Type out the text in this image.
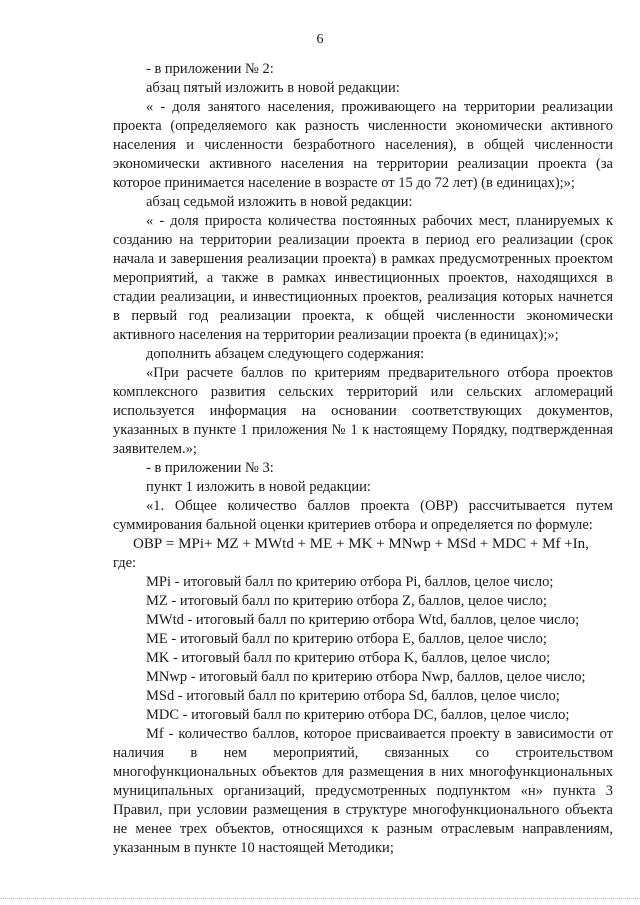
6

- в приложении № 2:

абзац пятый изложить в новой редакции:

« - доля занятого населения, проживающего на территории реализации проекта (определяемого как разность численности экономически активного населения и численности безработного населения), в общей численности экономически активного населения на территории реализации проекта (за которое принимается население в возрасте от 15 до 72 лет) (в единицах);»;

абзац седьмой изложить в новой редакции:

« - доля прироста количества постоянных рабочих мест, планируемых к созданию на территории реализации проекта в период его реализации (срок начала и завершения реализации проекта) в рамках предусмотренных проектом мероприятий, а также в рамках инвестиционных проектов, находящихся в стадии реализации, и инвестиционных проектов, реализация которых начнется в первый год реализации проекта, к общей численности экономически активного населения на территории реализации проекта (в единицах);»;

дополнить абзацем следующего содержания:

«При расчете баллов по критериям предварительного отбора проектов комплексного развития сельских территорий или сельских агломераций используется информация на основании соответствующих документов, указанных в пункте 1 приложения № 1 к настоящему Порядку, подтвержденная заявителем.»;

- в приложении № 3:

пункт 1 изложить в новой редакции:

«1. Общее количество баллов проекта (ОВР) рассчитывается путем суммирования бальной оценки критериев отбора и определяется по формуле:

ОВР = MPi+ MZ + MWtd + ME + MK + MNwp + MSd + MDC + Mf +In,

где:

MPi - итоговый балл по критерию отбора Pi, баллов, целое число;
MZ - итоговый балл по критерию отбора Z, баллов, целое число;
MWtd - итоговый балл по критерию отбора Wtd, баллов, целое число;
ME - итоговый балл по критерию отбора E, баллов, целое число;
MK - итоговый балл по критерию отбора K, баллов, целое число;
MNwp - итоговый балл по критерию отбора Nwp, баллов, целое число;
MSd - итоговый балл по критерию отбора Sd, баллов, целое число;
MDC - итоговый балл по критерию отбора DC, баллов, целое число;

Mf - количество баллов, которое присваивается проекту в зависимости от наличия в нем мероприятий, связанных со строительством многофункциональных объектов для размещения в них многофункциональных муниципальных организаций, предусмотренных подпунктом «н» пункта 3 Правил, при условии размещения в структуре многофункционального объекта не менее трех объектов, относящихся к разным отраслевым направлениям, указанным в пункте 10 настоящей Методики;
